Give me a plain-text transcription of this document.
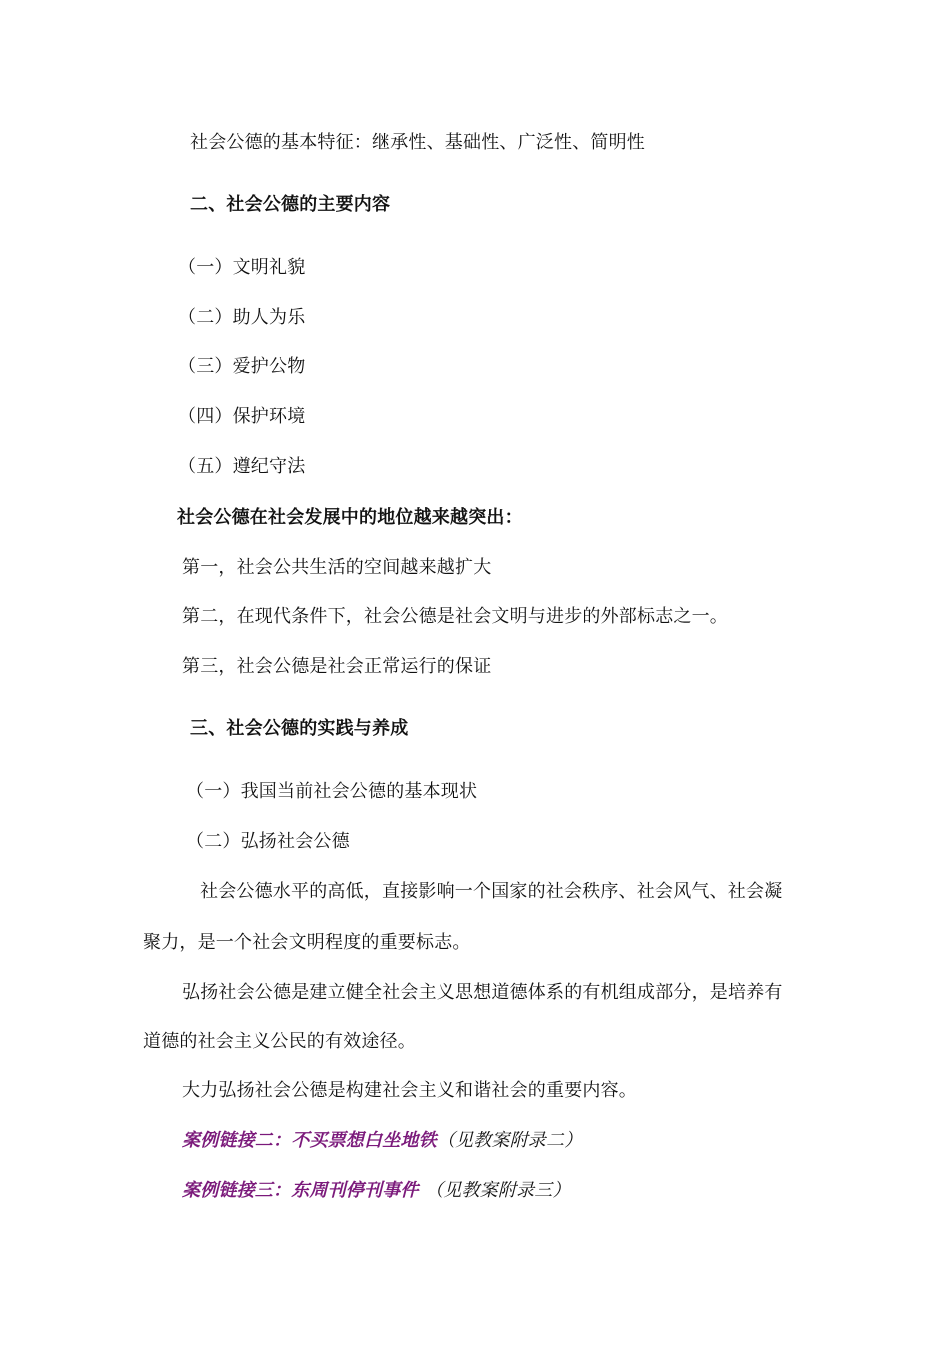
社会公德的基本特征：继承性、基础性、广泛性、简明性
二、社会公德的主要内容
（一）文明礼貌
（二）助人为乐
（三）爱护公物
（四）保护环境
（五）遵纪守法
社会公德在社会发展中的地位越来越突出：
第一，社会公共生活的空间越来越扩大
第二，在现代条件下，社会公德是社会文明与进步的外部标志之一。
第三，社会公德是社会正常运行的保证
三、社会公德的实践与养成
（一）我国当前社会公德的基本现状
（二）弘扬社会公德
社会公德水平的高低，直接影响一个国家的社会秩序、社会风气、社会凝
聚力，是一个社会文明程度的重要标志。
弘扬社会公德是建立健全社会主义思想道德体系的有机组成部分，是培养有
道德的社会主义公民的有效途径。
大力弘扬社会公德是构建社会主义和谐社会的重要内容。
案例链接二：不买票想白坐地铁（见教案附录二）
案例链接三：东周刊停刊事件 （见教案附录三）
